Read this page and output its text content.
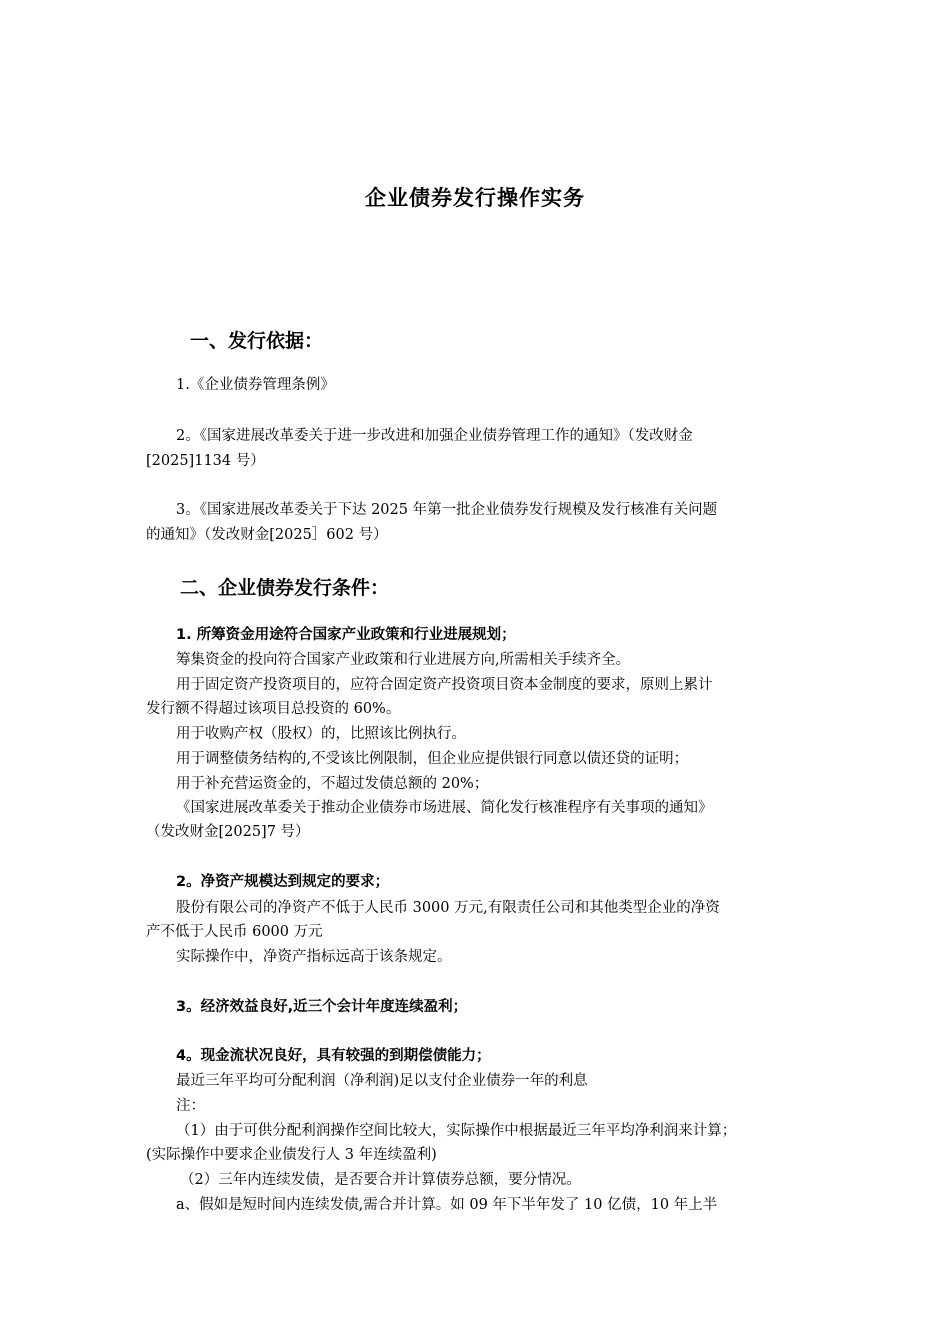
企业债券发行操作实务
一、发行依据：
1.《企业债券管理条例》
2。《国家进展改革委关于进一步改进和加强企业债券管理工作的通知》（发改财金
[2025]1134 号）
3。《国家进展改革委关于下达 2025 年第一批企业债券发行规模及发行核准有关问题
的通知》（发改财金[2025］602 号）
二、企业债券发行条件：
1. 所筹资金用途符合国家产业政策和行业进展规划；
筹集资金的投向符合国家产业政策和行业进展方向,所需相关手续齐全。
用于固定资产投资项目的，应符合固定资产投资项目资本金制度的要求，原则上累计
发行额不得超过该项目总投资的 60%。
用于收购产权（股权）的，比照该比例执行。
用于调整债务结构的,不受该比例限制，但企业应提供银行同意以债还贷的证明；
用于补充营运资金的，不超过发债总额的 20%；
《国家进展改革委关于推动企业债券市场进展、简化发行核准程序有关事项的通知》
（发改财金[2025]7 号）
2。净资产规模达到规定的要求；
股份有限公司的净资产不低于人民币 3000 万元,有限责任公司和其他类型企业的净资
产不低于人民币 6000 万元
实际操作中，净资产指标远高于该条规定。
3。经济效益良好,近三个会计年度连续盈利；
4。现金流状况良好，具有较强的到期偿债能力；
最近三年平均可分配利润（净利润)足以支付企业债券一年的利息
注：
（1）由于可供分配利润操作空间比较大，实际操作中根据最近三年平均净利润来计算；
(实际操作中要求企业债发行人 3 年连续盈利)
（2）三年内连续发债，是否要合并计算债券总额，要分情况。
a、假如是短时间内连续发债,需合并计算。如 09 年下半年发了 10 亿债，10 年上半
